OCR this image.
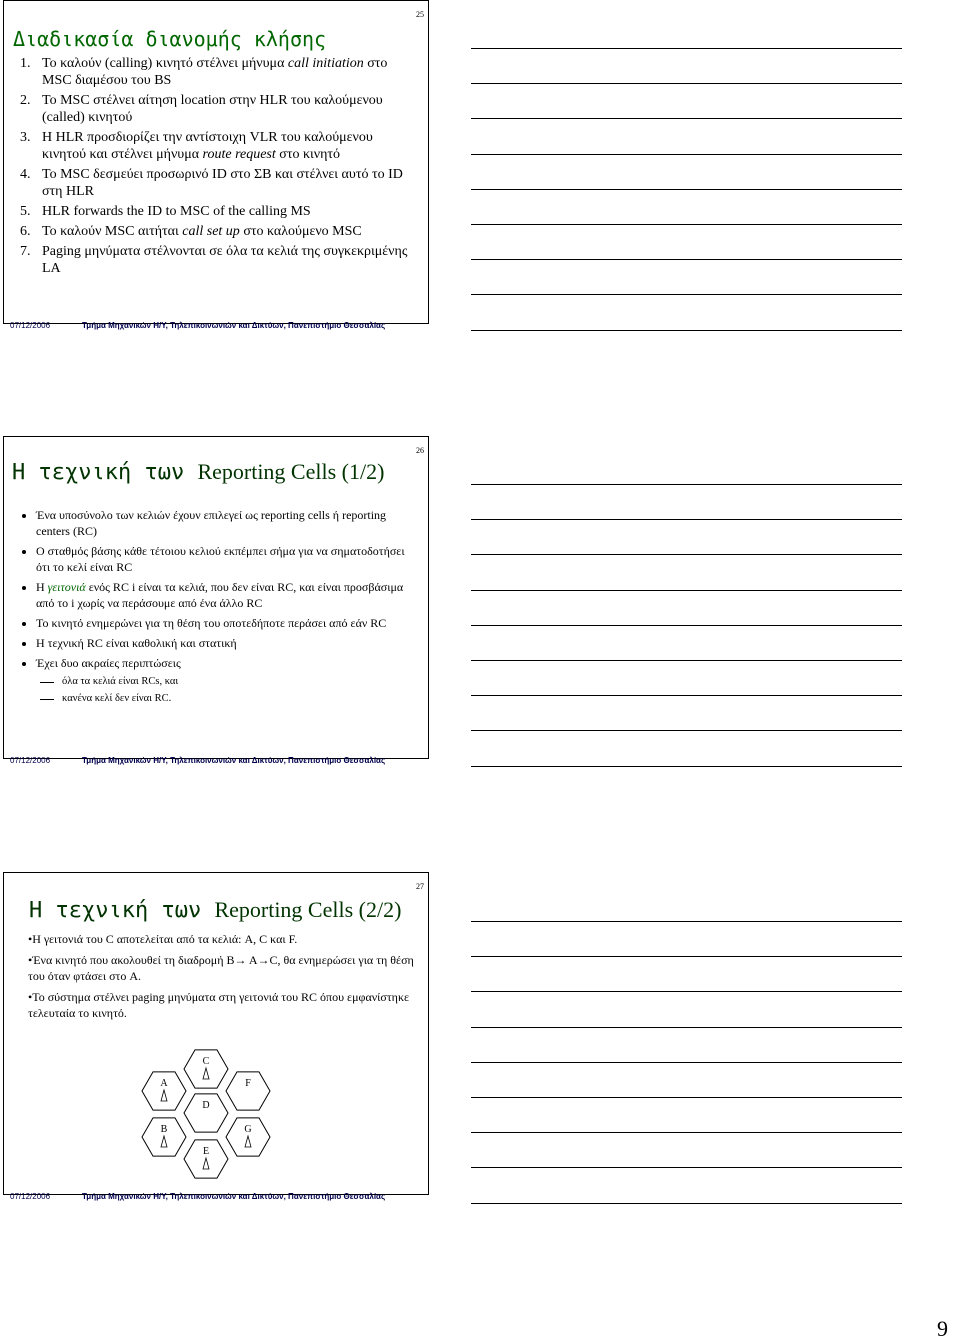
25
Διαδικασία διανομής κλήσης
1. Το καλούν (calling) κινητό στέλνει μήνυμα call initiation στο MSC διαμέσου του BS
2. Το MSC στέλνει αίτηση location στην HLR του καλούμενου (called) κινητού
3. Η HLR προσδιορίζει την αντίστοιχη VLR του καλούμενου κινητού και στέλνει μήνυμα route request στο κινητό
4. Το MSC δεσμεύει προσωρινό ID στο ΣΒ και στέλνει αυτό το ID στη HLR
5. HLR forwards the ID to MSC of the calling MS
6. Το καλούν MSC αιτήται call set up στο καλούμενο MSC
7. Paging μηνύματα στέλνονται σε όλα τα κελιά της συγκεκριμένης LA
07/12/2006	Τμήμα Μηχανικών Η/Υ, Τηλεπικοινωνιών και Δικτύων, Πανεπιστήμιο Θεσσαλίας
26
Η τεχνική των Reporting Cells (1/2)
• Ένα υποσύνολο των κελιών έχουν επιλεγεί ως reporting cells ή reporting centers (RC)
• Ο σταθμός βάσης κάθε τέτοιου κελιού εκπέμπει σήμα για να σηματοδοτήσει ότι το κελί είναι RC
• Η γειτονιά ενός RC i είναι τα κελιά, που δεν είναι RC, και είναι προσβάσιμα από το i χωρίς να περάσουμε από ένα άλλο RC
• Το κινητό ενημερώνει για τη θέση του οποτεδήποτε περάσει από εάν RC
• Η τεχνική RC είναι καθολική και στατική
• Έχει δυο ακραίες περιπτώσεις
όλα τα κελιά είναι RCs, και
κανένα κελί δεν είναι RC.
07/12/2006	Τμήμα Μηχανικών Η/Υ, Τηλεπικοινωνιών και Δικτύων, Πανεπιστήμιο Θεσσαλίας
27
Η τεχνική των Reporting Cells (2/2)

•Η γειτονιά του C αποτελείται από τα κελιά: A, C και F.

•Ένα κινητό που ακολουθεί τη διαδρομή B→ A→C, θα ενημερώσει για τη θέση του όταν φτάσει στο A.

•Το σύστημα στέλνει paging μηνύματα στη γειτονιά του RC όπου εμφανίστηκε τελευταία το κινητό.

A
B
C
D
E
F
G
07/12/2006	Τμήμα Μηχανικών Η/Υ, Τηλεπικοινωνιών και Δικτύων, Πανεπιστήμιο Θεσσαλίας
9
